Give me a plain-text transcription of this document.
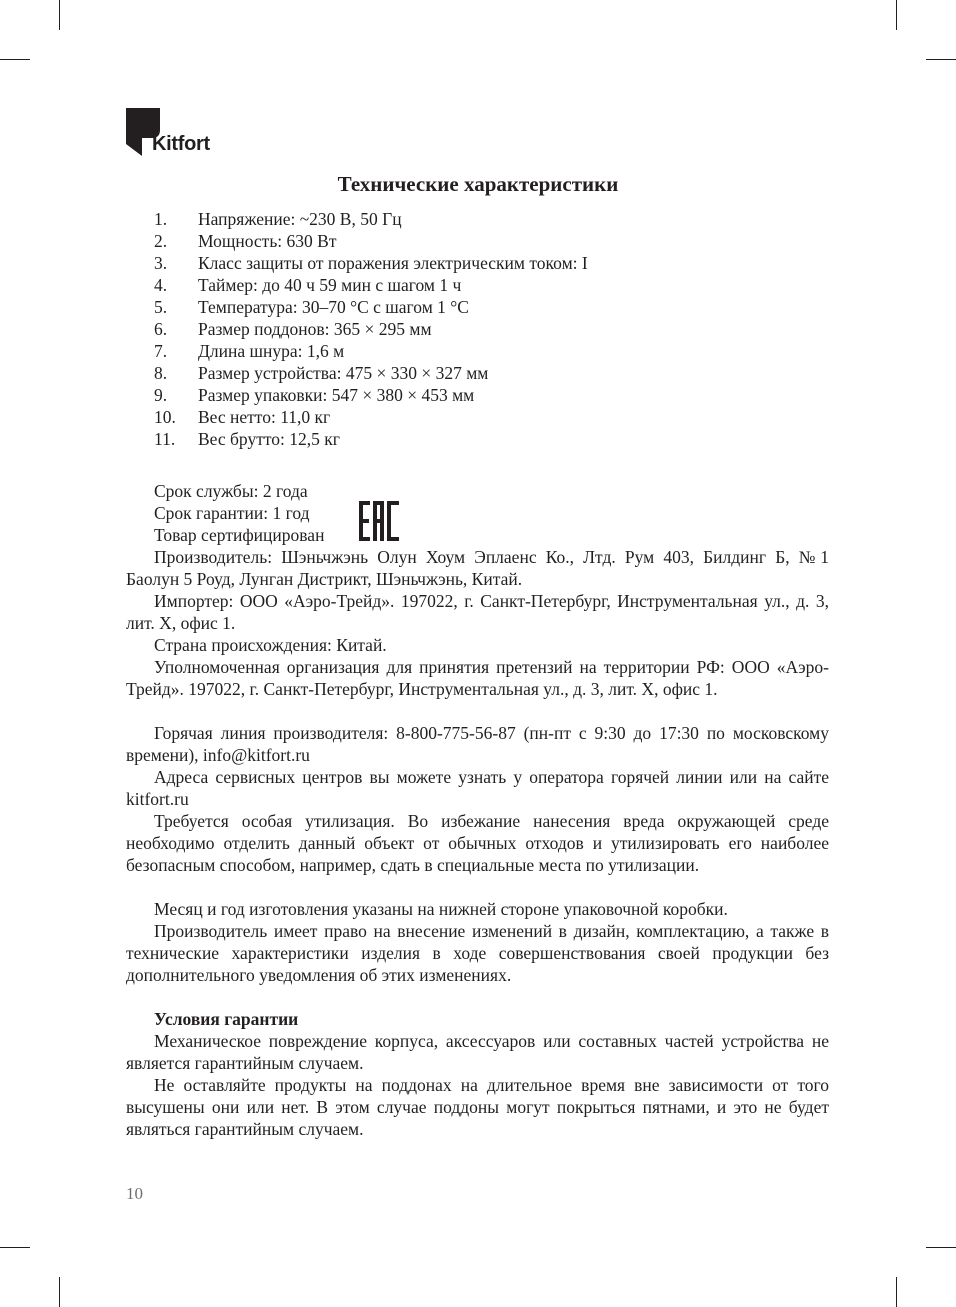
Kitfort
Технические характеристики
1. Напряжение: ~230 В, 50 Гц
2. Мощность: 630 Вт
3. Класс защиты от поражения электрическим током: I
4. Таймер: до 40 ч 59 мин с шагом 1 ч
5. Температура: 30–70 °C с шагом 1 °C
6. Размер поддонов: 365 × 295 мм
7. Длина шнура: 1,6 м
8. Размер устройства: 475 × 330 × 327 мм
9. Размер упаковки: 547 × 380 × 453 мм
10. Вес нетто: 11,0 кг
11. Вес брутто: 12,5 кг
Срок службы: 2 года
Срок гарантии: 1 год
Товар сертифицирован

Производитель: Шэньчжэнь Олун Хоум Эплаенс Ко., Лтд. Рум 403, Билдинг Б, №1 Баолун 5 Роуд, Лунган Дистрикт, Шэньчжэнь, Китай.

Импортер: ООО «Аэро-Трейд». 197022, г. Санкт-Петербург, Инструментальная ул., д. 3, лит. Х, офис 1.

Страна происхождения: Китай.

Уполномоченная организация для принятия претензий на территории РФ: ООО «Аэро-Трейд». 197022, г. Санкт-Петербург, Инструментальная ул., д. 3, лит. Х, офис 1.

Горячая линия производителя: 8-800-775-56-87 (пн-пт с 9:30 до 17:30 по московскому времени), info@kitfort.ru

Адреса сервисных центров вы можете узнать у оператора горячей линии или на сайте kitfort.ru

Требуется особая утилизация. Во избежание нанесения вреда окружающей среде необходимо отделить данный объект от обычных отходов и утилизировать его наиболее безопасным способом, например, сдать в специальные места по утилизации.

Месяц и год изготовления указаны на нижней стороне упаковочной коробки.

Производитель имеет право на внесение изменений в дизайн, комплектацию, а также в технические характеристики изделия в ходе совершенствования своей продукции без дополнительного уведомления об этих изменениях.

Условия гарантии

Механическое повреждение корпуса, аксессуаров или составных частей устройства не является гарантийным случаем.

Не оставляйте продукты на поддонах на длительное время вне зависимости от того высушены они или нет. В этом случае поддоны могут покрыться пятнами, и это не будет являться гарантийным случаем.

10
